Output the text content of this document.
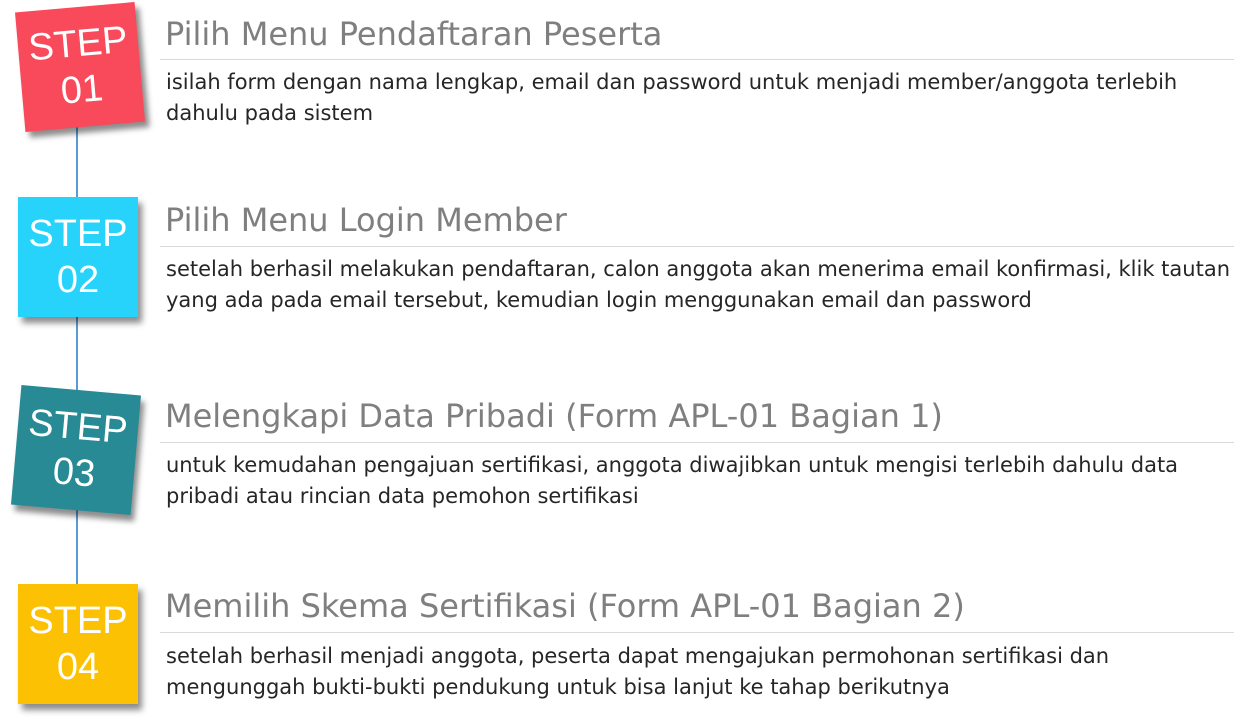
STEP
01
Pilih Menu Pendaftaran Peserta
isilah form dengan nama lengkap, email dan password untuk menjadi member/anggota terlebih dahulu pada sistem
STEP
02
Pilih Menu Login Member
setelah berhasil melakukan pendaftaran, calon anggota akan menerima email konfirmasi, klik tautan yang ada pada email tersebut, kemudian login menggunakan email dan password
STEP
03
Melengkapi Data Pribadi (Form APL-01 Bagian 1)
untuk kemudahan pengajuan sertifikasi, anggota diwajibkan untuk mengisi terlebih dahulu data pribadi atau rincian data pemohon sertifikasi
STEP
04
Memilih Skema Sertifikasi (Form APL-01 Bagian 2)
setelah berhasil menjadi anggota, peserta dapat mengajukan permohonan sertifikasi dan mengunggah bukti-bukti pendukung untuk bisa lanjut ke tahap berikutnya
